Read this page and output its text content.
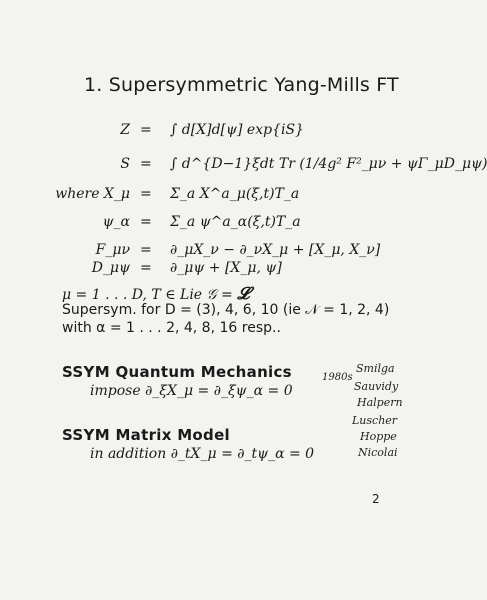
1. Supersymmetric Yang-Mills FT
Z = ∫ d[X]d[ψ] exp{iS}
S = ∫ d^{D−1}ξdt Tr (1/4g² F²_μν + ψΓ_μD_μψ)
where X_μ = Σ_a X^a_μ(ξ,t)T_a
ψ_α = Σ_a ψ^a_α(ξ,t)T_a
F_μν = ∂_μX_ν − ∂_νX_μ + [X_μ, X_ν]
D_μψ = ∂_μψ + [X_μ, ψ]
μ = 1 . . . D, T ∈ Lie 𝒢 = 𝓛
Supersym. for D = (3), 4, 6, 10 (ie 𝒩 = 1, 2, 4)
with α = 1 . . . 2, 4, 8, 16 resp..
SSYM Quantum Mechanics
impose ∂_ξX_μ = ∂_ξψ_α = 0
SSYM Matrix Model
in addition ∂_tX_μ = ∂_tψ_α = 0
1980s
Smilga
Sauvidy
Halpern
Luscher
Hoppe
Nicolai
2
